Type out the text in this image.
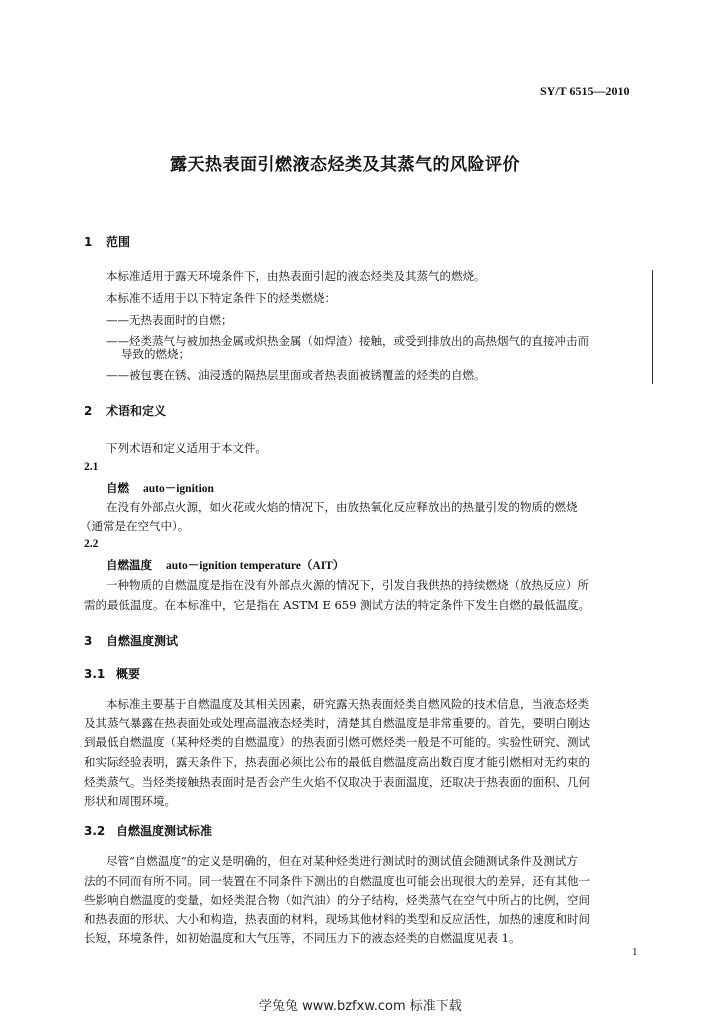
SY/T 6515—2010
露天热表面引燃液态烃类及其蒸气的风险评价
1 范围
本标准适用于露天环境条件下，由热表面引起的液态烃类及其蒸气的燃烧。
本标准不适用于以下特定条件下的烃类燃烧：
——无热表面时的自燃；
——烃类蒸气与被加热金属或炽热金属（如焊渣）接触，或受到排放出的高热烟气的直接冲击而
导致的燃烧；
——被包裹在锈、油浸透的隔热层里面或者热表面被锈覆盖的烃类的自燃。
2 术语和定义
下列术语和定义适用于本文件。
2.1
自燃 auto－ignition
在没有外部点火源，如火花或火焰的情况下，由放热氧化反应释放出的热量引发的物质的燃烧
（通常是在空气中）。
2.2
自燃温度 auto－ignition temperature（AIT）
一种物质的自燃温度是指在没有外部点火源的情况下，引发自我供热的持续燃烧（放热反应）所
需的最低温度。在本标准中，它是指在 ASTM E 659 测试方法的特定条件下发生自燃的最低温度。
3 自燃温度测试
3.1 概要
本标准主要基于自燃温度及其相关因素，研究露天热表面烃类自燃风险的技术信息，当液态烃类
及其蒸气暴露在热表面处或处理高温液态烃类时，清楚其自燃温度是非常重要的。首先，要明白刚达
到最低自燃温度（某种烃类的自燃温度）的热表面引燃可燃烃类一般是不可能的。实验性研究、测试
和实际经验表明，露天条件下，热表面必须比公布的最低自燃温度高出数百度才能引燃相对无约束的
烃类蒸气。当烃类接触热表面时是否会产生火焰不仅取决于表面温度，还取决于热表面的面积、几何
形状和周围环境。
3.2 自燃温度测试标准
尽管“自燃温度”的定义是明确的，但在对某种烃类进行测试时的测试值会随测试条件及测试方
法的不同而有所不同。同一装置在不同条件下测出的自燃温度也可能会出现很大的差异，还有其他一
些影响自燃温度的变量，如烃类混合物（如汽油）的分子结构，烃类蒸气在空气中所占的比例，空间
和热表面的形状、大小和构造，热表面的材料，现场其他材料的类型和反应活性，加热的速度和时间
长短，环境条件，如初始温度和大气压等，不同压力下的液态烃类的自燃温度见表 1。
1
学兔兔 www.bzfxw.com 标准下载
